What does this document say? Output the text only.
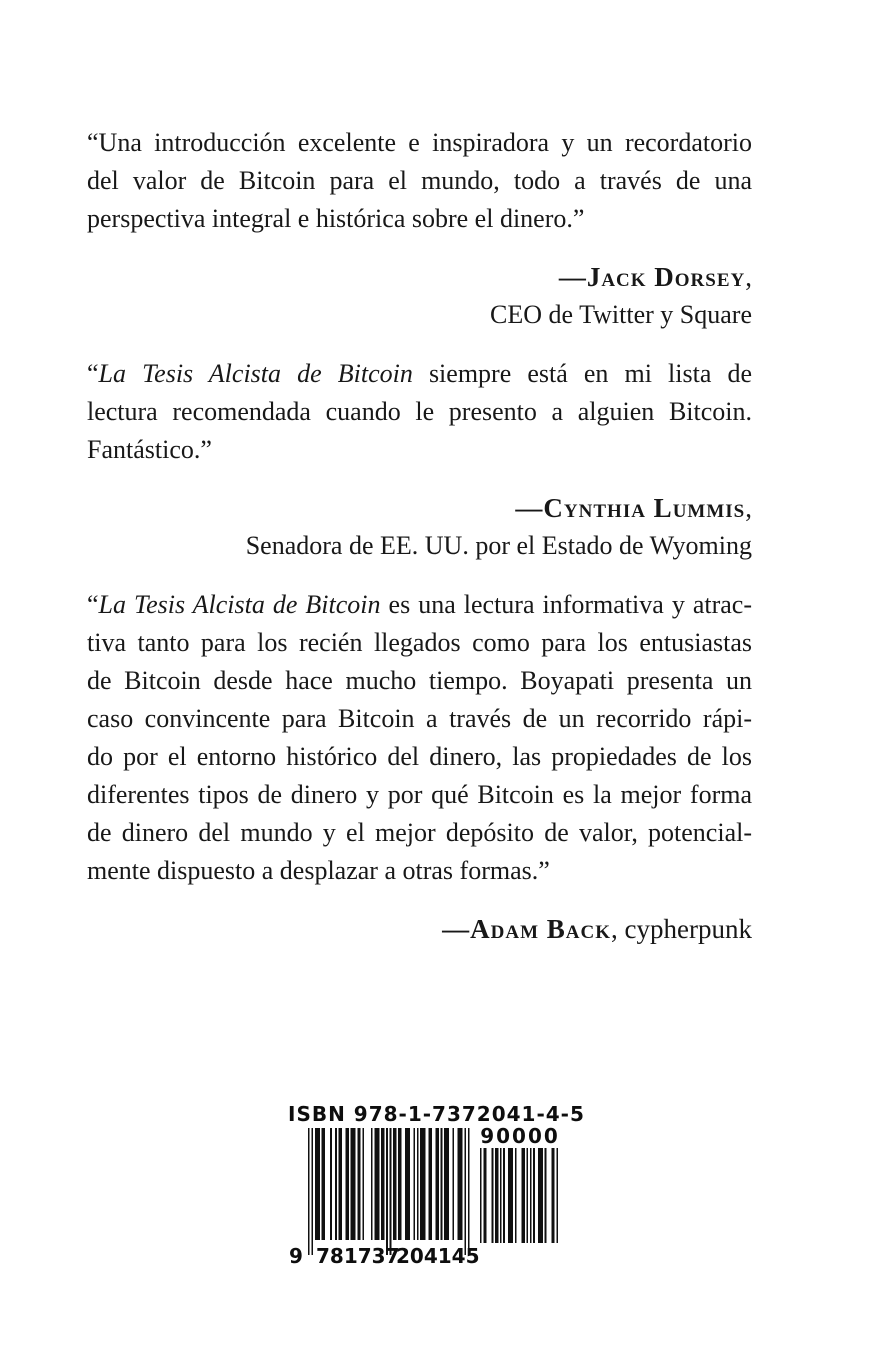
“Una introducción excelente e inspiradora y un recordatorio
del valor de Bitcoin para el mundo, todo a través de una
perspectiva integral e histórica sobre el dinero.”
—Jack Dorsey,
CEO de Twitter y Square
“La Tesis Alcista de Bitcoin siempre está en mi lista de
lectura recomendada cuando le presento a alguien Bitcoin.
Fantástico.”
—Cynthia Lummis,
Senadora de EE. UU. por el Estado de Wyoming
“La Tesis Alcista de Bitcoin es una lectura informativa y atrac-
tiva tanto para los recién llegados como para los entusiastas
de Bitcoin desde hace mucho tiempo. Boyapati presenta un
caso convincente para Bitcoin a través de un recorrido rápi-
do por el entorno histórico del dinero, las propiedades de los
diferentes tipos de dinero y por qué Bitcoin es la mejor forma
de dinero del mundo y el mejor depósito de valor, potencial-
mente dispuesto a desplazar a otras formas.”
—Adam Back, cypherpunk
ISBN 978-1-7372041-4-5
9 781737
204145
90000
